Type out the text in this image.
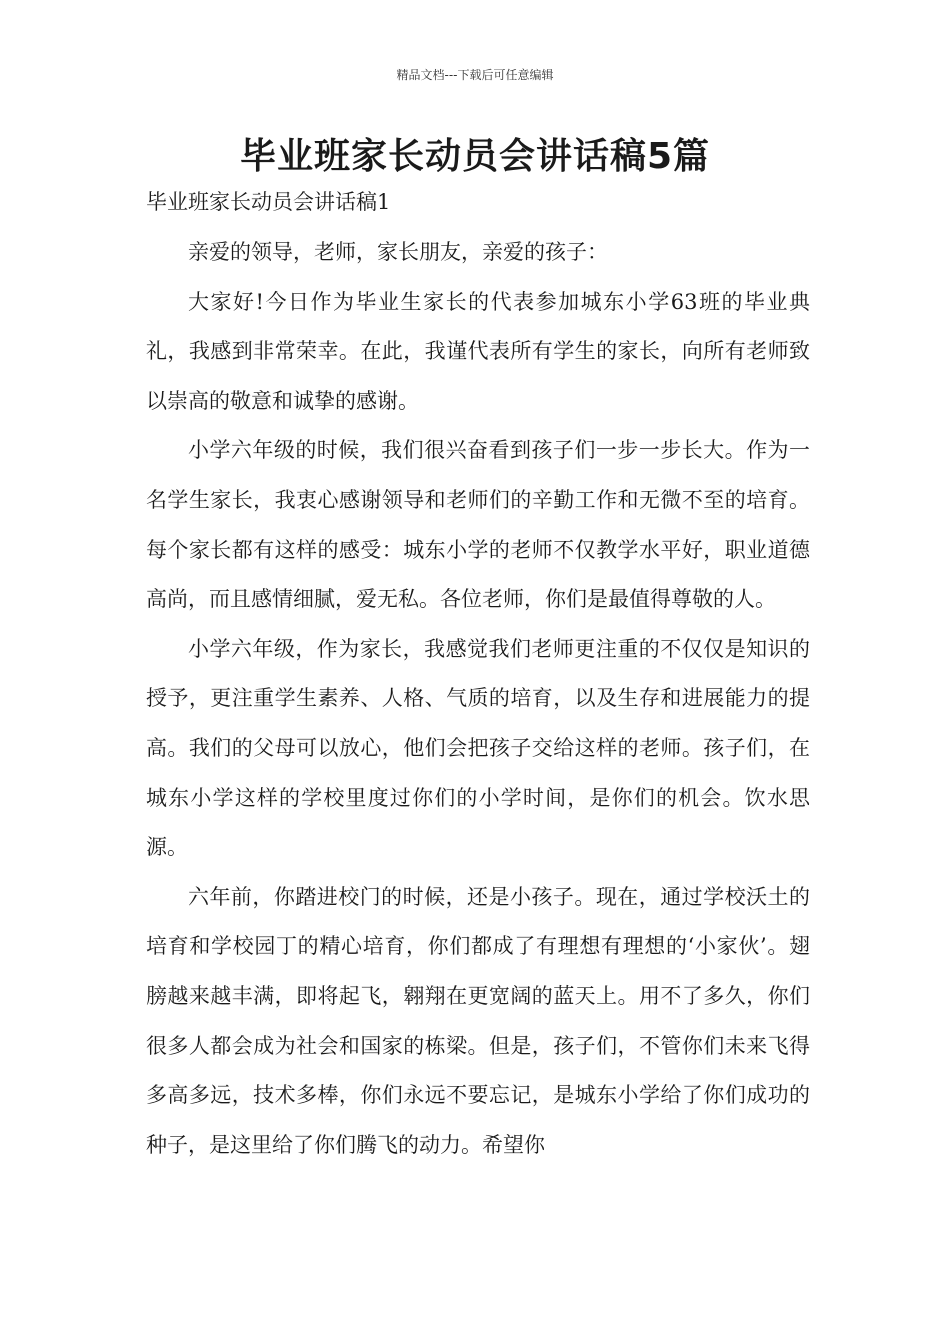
精品文档---下载后可任意编辑
毕业班家长动员会讲话稿5篇
毕业班家长动员会讲话稿1

亲爱的领导，老师，家长朋友，亲爱的孩子：

大家好!今日作为毕业生家长的代表参加城东小学63班的毕业典礼，我感到非常荣幸。在此，我谨代表所有学生的家长，向所有老师致以崇高的敬意和诚挚的感谢。

小学六年级的时候，我们很兴奋看到孩子们一步一步长大。作为一名学生家长，我衷心感谢领导和老师们的辛勤工作和无微不至的培育。每个家长都有这样的感受：城东小学的老师不仅教学水平好，职业道德高尚，而且感情细腻，爱无私。各位老师，你们是最值得尊敬的人。

小学六年级，作为家长，我感觉我们老师更注重的不仅仅是知识的授予，更注重学生素养、人格、气质的培育，以及生存和进展能力的提高。我们的父母可以放心，他们会把孩子交给这样的老师。孩子们，在城东小学这样的学校里度过你们的小学时间，是你们的机会。饮水思源。

六年前，你踏进校门的时候，还是小孩子。现在，通过学校沃土的培育和学校园丁的精心培育，你们都成了有理想有理想的‘小家伙’。翅膀越来越丰满，即将起飞，翱翔在更宽阔的蓝天上。用不了多久，你们很多人都会成为社会和国家的栋梁。但是，孩子们，不管你们未来飞得多高多远，技术多棒，你们永远不要忘记，是城东小学给了你们成功的种子，是这里给了你们腾飞的动力。希望你
